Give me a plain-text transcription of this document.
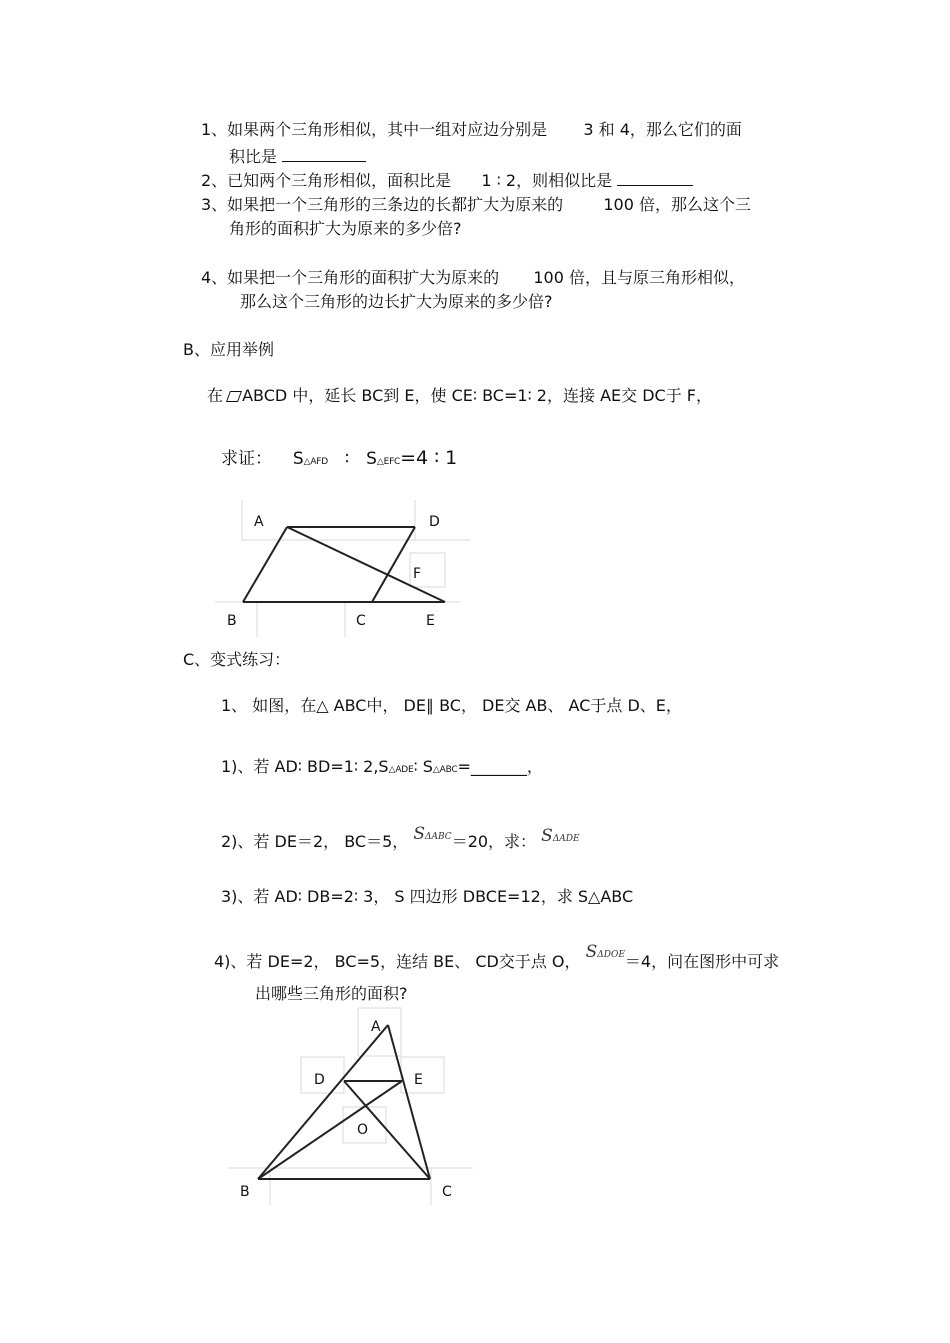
1、如果两个三角形相似，其中一组对应边分别是 3 和 4，那么它们的面
积比是
2、已知两个三角形相似，面积比是 1 ∶ 2，则相似比是
3、如果把一个三角形的三条边的长都扩大为原来的	100 倍，那么这个三
角形的面积扩大为原来的多少倍?
4、如果把一个三角形的面积扩大为原来的 100 倍，且与原三角形相似，
那么这个三角形的边长扩大为原来的多少倍?
B、应用举例
在 ABCD 中，延长 BC到 E，使 CE∶ BC=1∶ 2，连接 AE交 DC于 F，
求证： S△AFD ∶ S△EFC=4 ∶ 1
A	D
F
B	C	E
C、变式练习：
1、 如图，在△ ABC中， DE∥ BC， DE交 AB、 AC于点 D、E，
1)、若 AD∶ BD=1∶ 2,S△ADE∶ S△ABC=_______，
2)、若 DE＝2， BC＝5， SΔABC＝20，求： SΔADE
3)、若 AD∶ DB=2∶ 3， S 四边形 DBCE=12，求 S△ABC
4)、若 DE=2， BC=5，连结 BE、 CD交于点 O， SΔDOE＝4，问在图形中可求
出哪些三角形的面积?
A
D	E
O
B	C
